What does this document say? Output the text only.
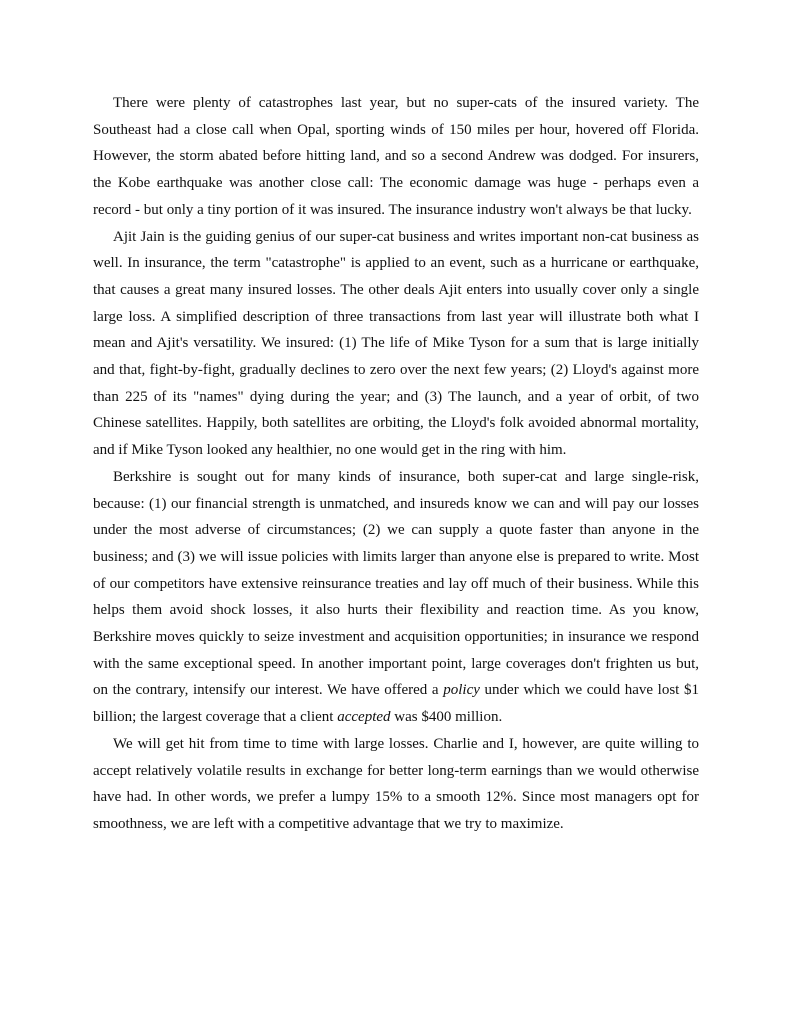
There were plenty of catastrophes last year, but no super-cats of the insured variety. The Southeast had a close call when Opal, sporting winds of 150 miles per hour, hovered off Florida. However, the storm abated before hitting land, and so a second Andrew was dodged. For insurers, the Kobe earthquake was another close call: The economic damage was huge - perhaps even a record - but only a tiny portion of it was insured. The insurance industry won't always be that lucky.

Ajit Jain is the guiding genius of our super-cat business and writes important non-cat business as well. In insurance, the term "catastrophe" is applied to an event, such as a hurricane or earthquake, that causes a great many insured losses. The other deals Ajit enters into usually cover only a single large loss. A simplified description of three transactions from last year will illustrate both what I mean and Ajit's versatility. We insured: (1) The life of Mike Tyson for a sum that is large initially and that, fight-by-fight, gradually declines to zero over the next few years; (2) Lloyd's against more than 225 of its "names" dying during the year; and (3) The launch, and a year of orbit, of two Chinese satellites. Happily, both satellites are orbiting, the Lloyd's folk avoided abnormal mortality, and if Mike Tyson looked any healthier, no one would get in the ring with him.

Berkshire is sought out for many kinds of insurance, both super-cat and large single-risk, because: (1) our financial strength is unmatched, and insureds know we can and will pay our losses under the most adverse of circumstances; (2) we can supply a quote faster than anyone in the business; and (3) we will issue policies with limits larger than anyone else is prepared to write. Most of our competitors have extensive reinsurance treaties and lay off much of their business. While this helps them avoid shock losses, it also hurts their flexibility and reaction time. As you know, Berkshire moves quickly to seize investment and acquisition opportunities; in insurance we respond with the same exceptional speed. In another important point, large coverages don't frighten us but, on the contrary, intensify our interest. We have offered a policy under which we could have lost $1 billion; the largest coverage that a client accepted was $400 million.

We will get hit from time to time with large losses. Charlie and I, however, are quite willing to accept relatively volatile results in exchange for better long-term earnings than we would otherwise have had. In other words, we prefer a lumpy 15% to a smooth 12%. Since most managers opt for smoothness, we are left with a competitive advantage that we try to maximize.
